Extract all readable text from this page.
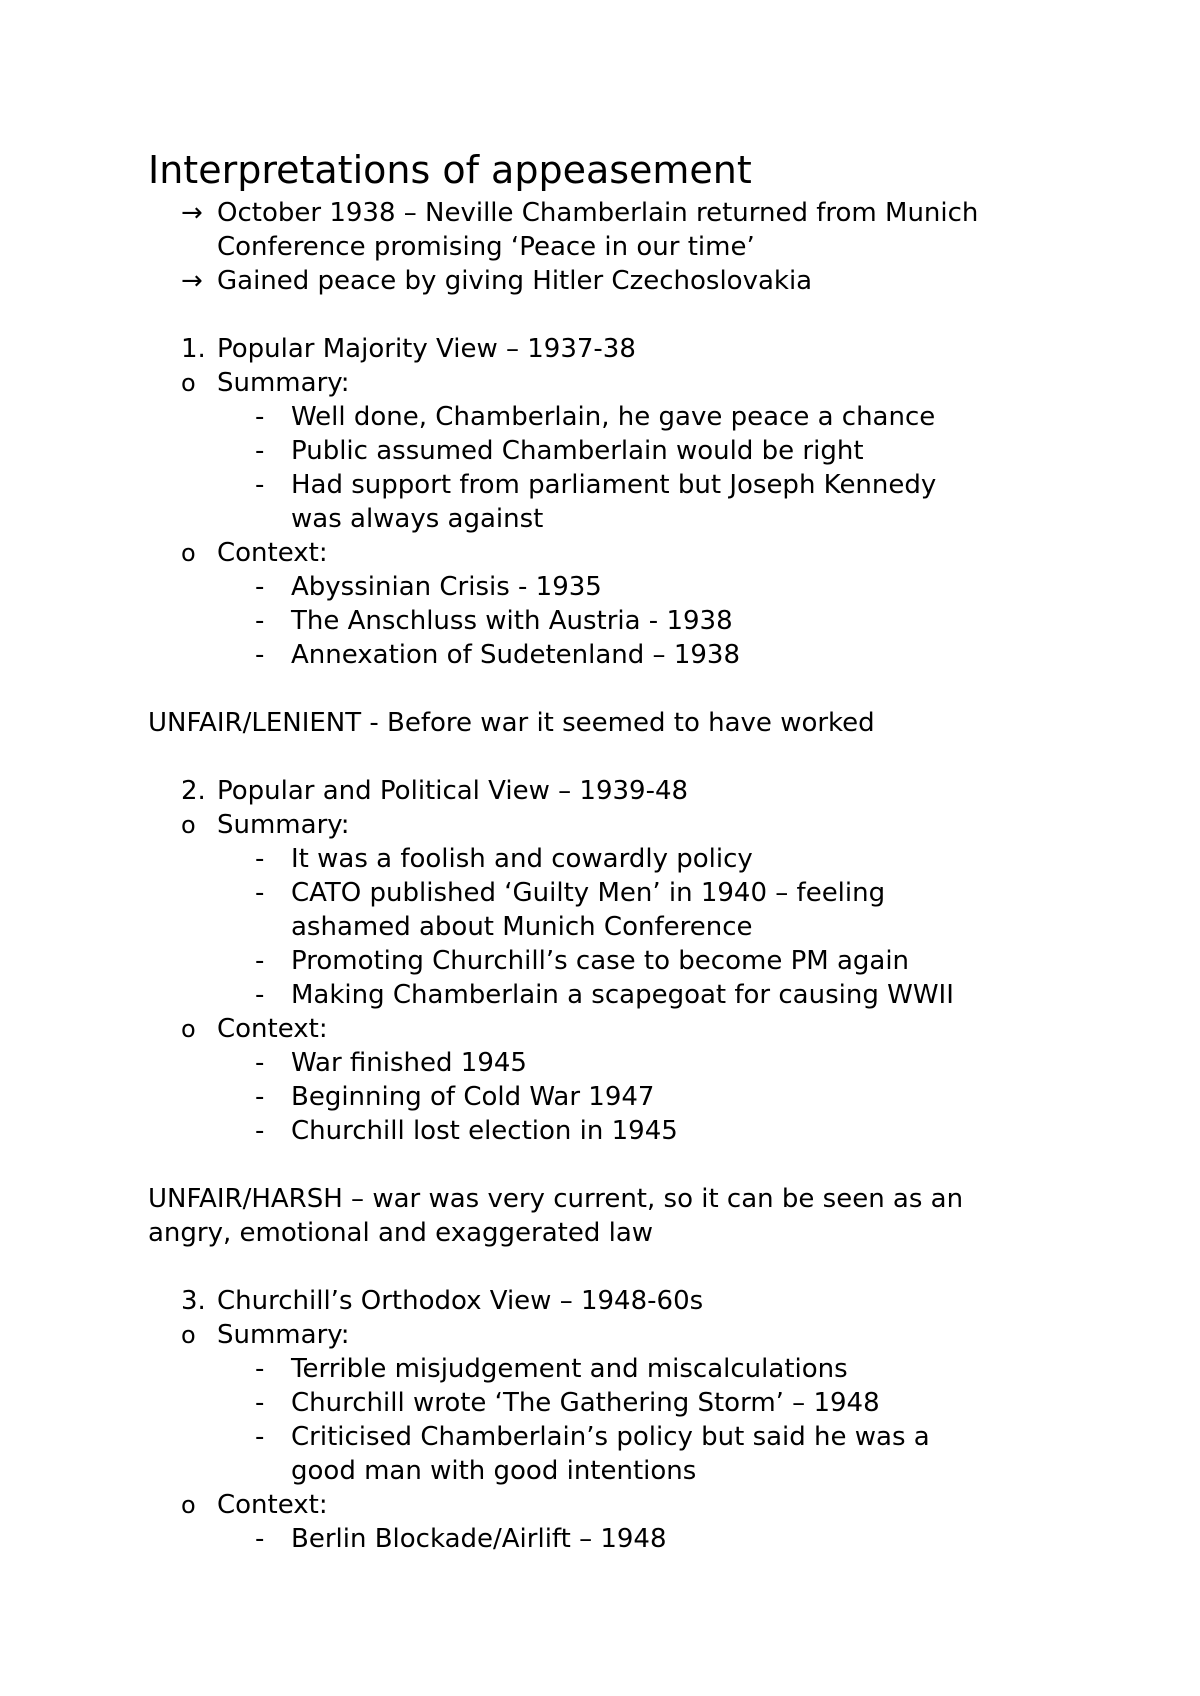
Interpretations of appeasement
→ October 1938 – Neville Chamberlain returned from Munich Conference promising ‘Peace in our time’
→ Gained peace by giving Hitler Czechoslovakia
1. Popular Majority View – 1937-38
o Summary:
-	Well done, Chamberlain, he gave peace a chance
-	Public assumed Chamberlain would be right
-	Had support from parliament but Joseph Kennedy was always against
o Context:
-	Abyssinian Crisis - 1935
-	The Anschluss with Austria - 1938
-	Annexation of Sudetenland – 1938

UNFAIR/LENIENT - Before war it seemed to have worked

2. Popular and Political View – 1939-48
o Summary:
-	It was a foolish and cowardly policy
-	CATO published ‘Guilty Men’ in 1940 – feeling ashamed about Munich Conference
-	Promoting Churchill’s case to become PM again
-	Making Chamberlain a scapegoat for causing WWII
o Context:
-	War finished 1945
-	Beginning of Cold War 1947
-	Churchill lost election in 1945

UNFAIR/HARSH – war was very current, so it can be seen as an angry, emotional and exaggerated law

3. Churchill’s Orthodox View – 1948-60s
o Summary:
-	Terrible misjudgement and miscalculations
-	Churchill wrote ‘The Gathering Storm’ – 1948
-	Criticised Chamberlain’s policy but said he was a good man with good intentions
o Context:
-	Berlin Blockade/Airlift – 1948
